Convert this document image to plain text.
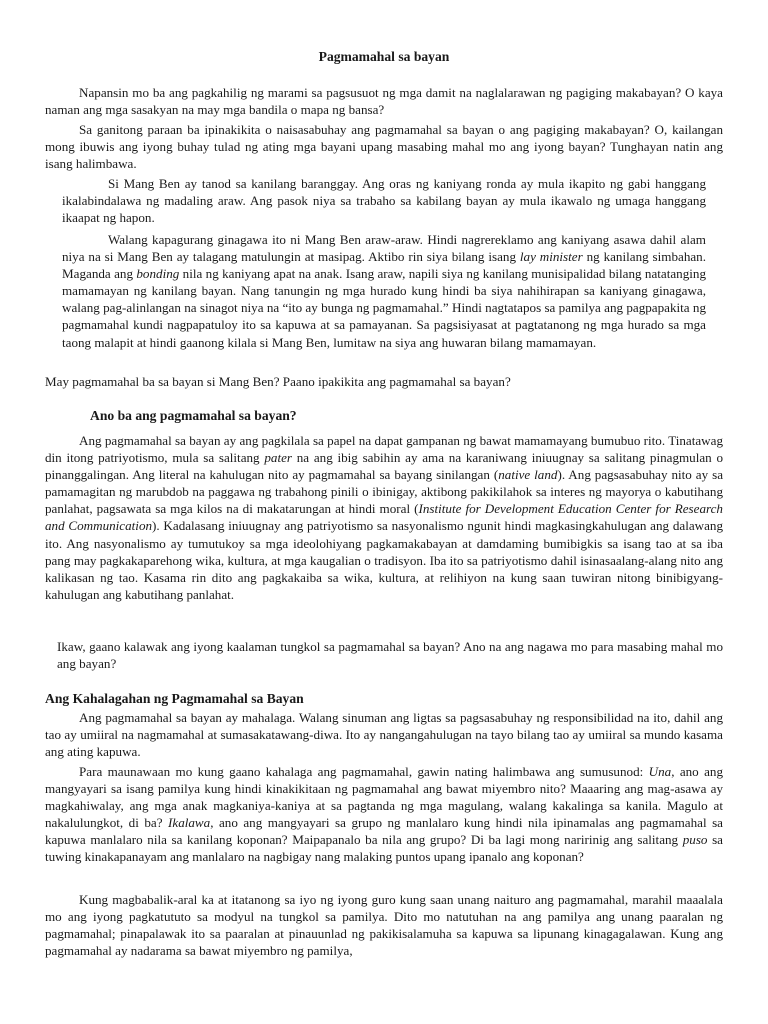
Pagmamahal sa bayan

Napansin mo ba ang pagkahilig ng marami sa pagsusuot ng mga damit na naglalarawan ng pagiging makabayan? O kaya naman ang mga sasakyan na may mga bandila o mapa ng bansa?

Sa ganitong paraan ba ipinakikita o naisasabuhay ang pagmamahal sa bayan o ang pagiging makabayan? O, kailangan mong ibuwis ang iyong buhay tulad ng ating mga bayani upang masabing mahal mo ang iyong bayan? Tunghayan natin ang isang halimbawa.

Si Mang Ben ay tanod sa kanilang baranggay. Ang oras ng kaniyang ronda ay mula ikapito ng gabi hanggang ikalabindalawa ng madaling araw. Ang pasok niya sa trabaho sa kabilang bayan ay mula ikawalo ng umaga hanggang ikaapat ng hapon.

Walang kapagurang ginagawa ito ni Mang Ben araw-araw. Hindi nagrereklamo ang kaniyang asawa dahil alam niya na si Mang Ben ay talagang matulungin at masipag. Aktibo rin siya bilang isang lay minister ng kanilang simbahan. Maganda ang bonding nila ng kaniyang apat na anak. Isang araw, napili siya ng kanilang munisipalidad bilang natatanging mamamayan ng kanilang bayan. Nang tanungin ng mga hurado kung hindi ba siya nahihirapan sa kaniyang ginagawa, walang pag-alinlangan na sinagot niya na “ito ay bunga ng pagmamahal.” Hindi nagtatapos sa pamilya ang pagpapakita ng pagmamahal kundi nagpapatuloy ito sa kapuwa at sa pamayanan. Sa pagsisiyasat at pagtatanong ng mga hurado sa mga taong malapit at hindi gaanong kilala si Mang Ben, lumitaw na siya ang huwaran bilang mamamayan.

May pagmamahal ba sa bayan si Mang Ben? Paano ipakikita ang pagmamahal sa bayan?

Ano ba ang pagmamahal sa bayan?

Ang pagmamahal sa bayan ay ang pagkilala sa papel na dapat gampanan ng bawat mamamayang bumubuo rito. Tinatawag din itong patriyotismo, mula sa salitang pater na ang ibig sabihin ay ama na karaniwang iniuugnay sa salitang pinagmulan o pinanggalingan. Ang literal na kahulugan nito ay pagmamahal sa bayang sinilangan (native land). Ang pagsasabuhay nito ay sa pamamagitan ng marubdob na paggawa ng trabahong pinili o ibinigay, aktibong pakikilahok sa interes ng mayorya o kabutihang panlahat, pagsawata sa mga kilos na di makatarungan at hindi moral (Institute for Development Education Center for Research and Communication). Kadalasang iniuugnay ang patriyotismo sa nasyonalismo ngunit hindi magkasingkahulugan ang dalawang ito. Ang nasyonalismo ay tumutukoy sa mga ideolohiyang pagkamakabayan at damdaming bumibigkis sa isang tao at sa iba pang may pagkakaparehong wika, kultura, at mga kaugalian o tradisyon. Iba ito sa patriyotismo dahil isinasaalang-alang nito ang kalikasan ng tao. Kasama rin dito ang pagkakaiba sa wika, kultura, at relihiyon na kung saan tuwiran nitong binibigyang-kahulugan ang kabutihang panlahat.

Ikaw, gaano kalawak ang iyong kaalaman tungkol sa pagmamahal sa bayan? Ano na ang nagawa mo para masabing mahal mo ang bayan?

Ang Kahalagahan ng Pagmamahal sa Bayan

Ang pagmamahal sa bayan ay mahalaga. Walang sinuman ang ligtas sa pagsasabuhay ng responsibilidad na ito, dahil ang tao ay umiiral na nagmamahal at sumasakatawang-diwa. Ito ay nangangahulugan na tayo bilang tao ay umiiral sa mundo kasama ang ating kapuwa.

Para maunawaan mo kung gaano kahalaga ang pagmamahal, gawin nating halimbawa ang sumusunod: Una, ano ang mangyayari sa isang pamilya kung hindi kinakikitaan ng pagmamahal ang bawat miyembro nito? Maaaring ang mag-asawa ay magkahiwalay, ang mga anak magkaniya-kaniya at sa pagtanda ng mga magulang, walang kakalinga sa kanila. Magulo at nakalulungkot, di ba? Ikalawa, ano ang mangyayari sa grupo ng manlalaro kung hindi nila ipinamalas ang pagmamahal sa kapuwa manlalaro nila sa kanilang koponan? Maipapanalo ba nila ang grupo? Di ba lagi mong naririnig ang salitang puso sa tuwing kinakapanayam ang manlalaro na nagbigay nang malaking puntos upang ipanalo ang koponan?

Kung magbabalik-aral ka at itatanong sa iyo ng iyong guro kung saan unang naituro ang pagmamahal, marahil maaalala mo ang iyong pagkatututo sa modyul na tungkol sa pamilya. Dito mo natutuhan na ang pamilya ang unang paaralan ng pagmamahal; pinapalawak ito sa paaralan at pinauunlad ng pakikisalamuha sa kapuwa sa lipunang kinagagalawan. Kung ang pagmamahal ay nadarama sa bawat miyembro ng pamilya,
